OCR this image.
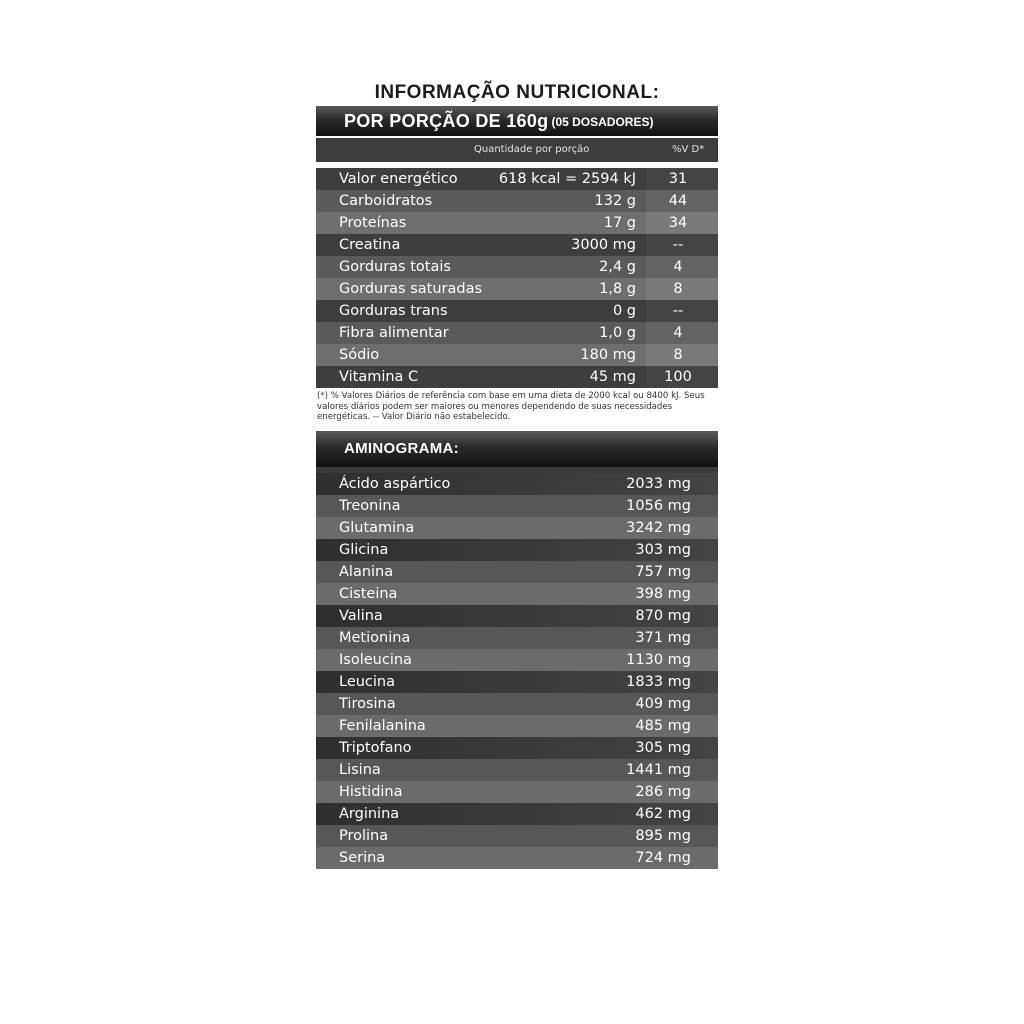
INFORMAÇÃO NUTRICIONAL:
POR PORÇÃO DE 160g (05 DOSADORES)
Quantidade por porção	%V D*
Valor energético	618 kcal = 2594 kJ	31
Carboidratos	132 g	44
Proteínas	17 g	34
Creatina	3000 mg	--
Gorduras totais	2,4 g	4
Gorduras saturadas	1,8 g	8
Gorduras trans	0 g	--
Fibra alimentar	1,0 g	4
Sódio	180 mg	8
Vitamina C	45 mg	100
(*) % Valores Diários de referência com base em uma dieta de 2000 kcal ou 8400 kJ. Seus valores diários podem ser maiores ou menores dependendo de suas necessidades energéticas. -- Valor Diário não estabelecido.
AMINOGRAMA:
Ácido aspártico	2033 mg
Treonina	1056 mg
Glutamina	3242 mg
Glicina	303 mg
Alanina	757 mg
Cisteina	398 mg
Valina	870 mg
Metionina	371 mg
Isoleucina	1130 mg
Leucina	1833 mg
Tirosina	409 mg
Fenilalanina	485 mg
Triptofano	305 mg
Lisina	1441 mg
Histidina	286 mg
Arginina	462 mg
Prolina	895 mg
Serina	724 mg
